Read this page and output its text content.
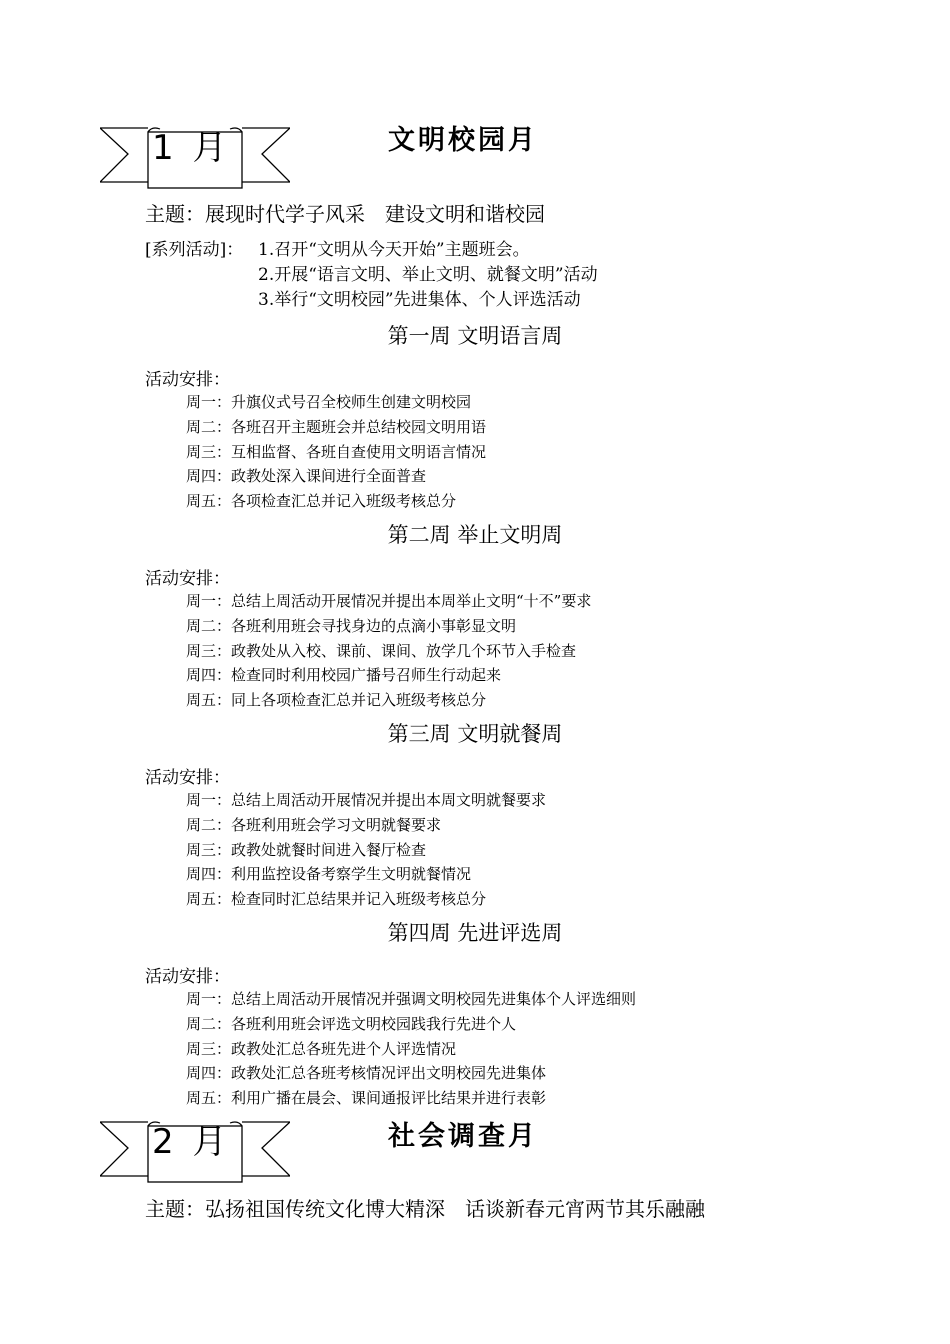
1 月	文明校园月
主题：展现时代学子风采　建设文明和谐校园
[系列活动]： 1.召开“文明从今天开始”主题班会。
2.开展“语言文明、举止文明、就餐文明”活动
3.举行“文明校园”先进集体、个人评选活动
第一周 文明语言周
活动安排：
周一：升旗仪式号召全校师生创建文明校园
周二：各班召开主题班会并总结校园文明用语
周三：互相监督、各班自查使用文明语言情况
周四：政教处深入课间进行全面普查
周五：各项检查汇总并记入班级考核总分
第二周 举止文明周
活动安排：
周一：总结上周活动开展情况并提出本周举止文明“十不”要求
周二：各班利用班会寻找身边的点滴小事彰显文明
周三：政教处从入校、课前、课间、放学几个环节入手检查
周四：检查同时利用校园广播号召师生行动起来
周五：同上各项检查汇总并记入班级考核总分
第三周 文明就餐周
活动安排：
周一：总结上周活动开展情况并提出本周文明就餐要求
周二：各班利用班会学习文明就餐要求
周三：政教处就餐时间进入餐厅检查
周四：利用监控设备考察学生文明就餐情况
周五：检查同时汇总结果并记入班级考核总分
第四周 先进评选周
活动安排：
周一：总结上周活动开展情况并强调文明校园先进集体个人评选细则
周二：各班利用班会评选文明校园践我行先进个人
周三：政教处汇总各班先进个人评选情况
周四：政教处汇总各班考核情况评出文明校园先进集体
周五：利用广播在晨会、课间通报评比结果并进行表彰
2 月	社会调查月
主题：弘扬祖国传统文化博大精深　话谈新春元宵两节其乐融融
